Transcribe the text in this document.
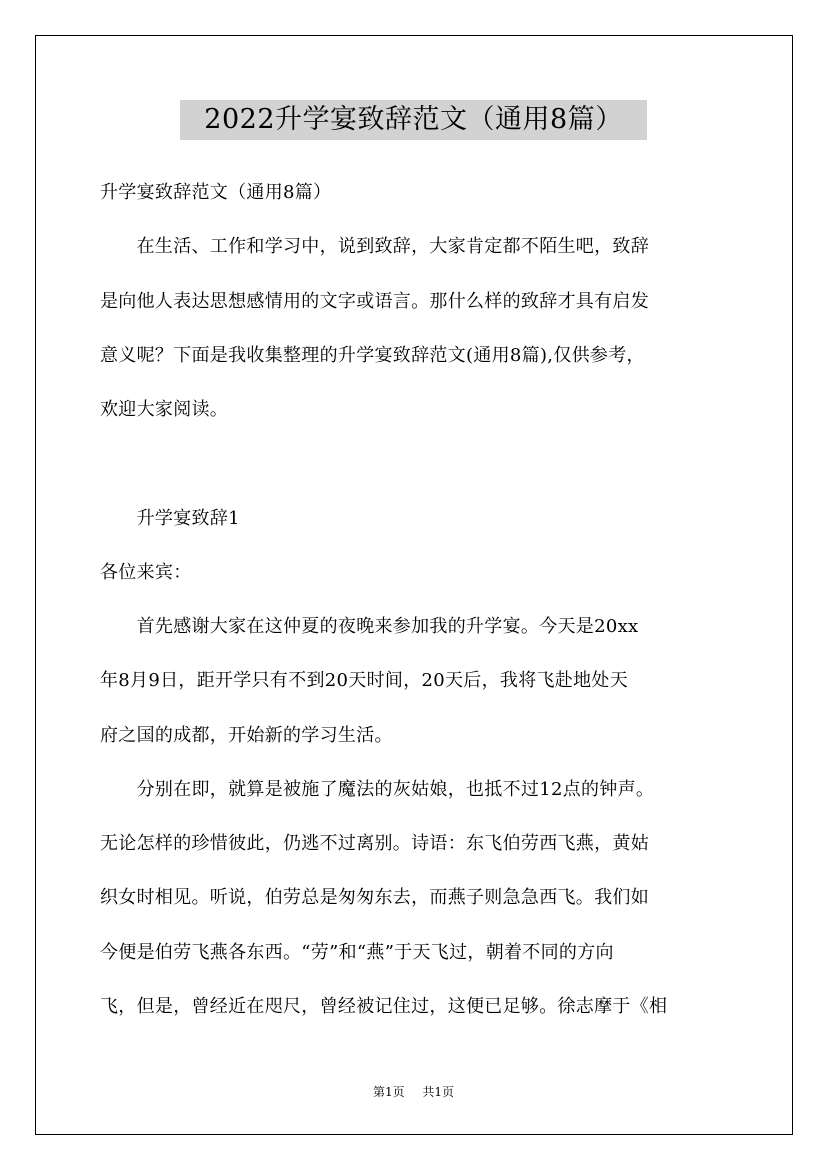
2022升学宴致辞范文（通用8篇）
升学宴致辞范文（通用8篇）
　　在生活、工作和学习中，说到致辞，大家肯定都不陌生吧，致辞
是向他人表达思想感情用的文字或语言。那什么样的致辞才具有启发
意义呢？下面是我收集整理的升学宴致辞范文(通用8篇),仅供参考，
欢迎大家阅读。
　　升学宴致辞1
各位来宾：
　　首先感谢大家在这仲夏的夜晚来参加我的升学宴。今天是20xx
年8月9日，距开学只有不到20天时间，20天后，我将飞赴地处天
府之国的成都，开始新的学习生活。
　　分别在即，就算是被施了魔法的灰姑娘，也抵不过12点的钟声。
无论怎样的珍惜彼此，仍逃不过离别。诗语：东飞伯劳西飞燕，黄姑
织女时相见。听说，伯劳总是匆匆东去，而燕子则急急西飞。我们如
今便是伯劳飞燕各东西。“劳”和“燕”于天飞过，朝着不同的方向
飞，但是，曾经近在咫尺，曾经被记住过，这便已足够。徐志摩于《相
第1页 共1页
